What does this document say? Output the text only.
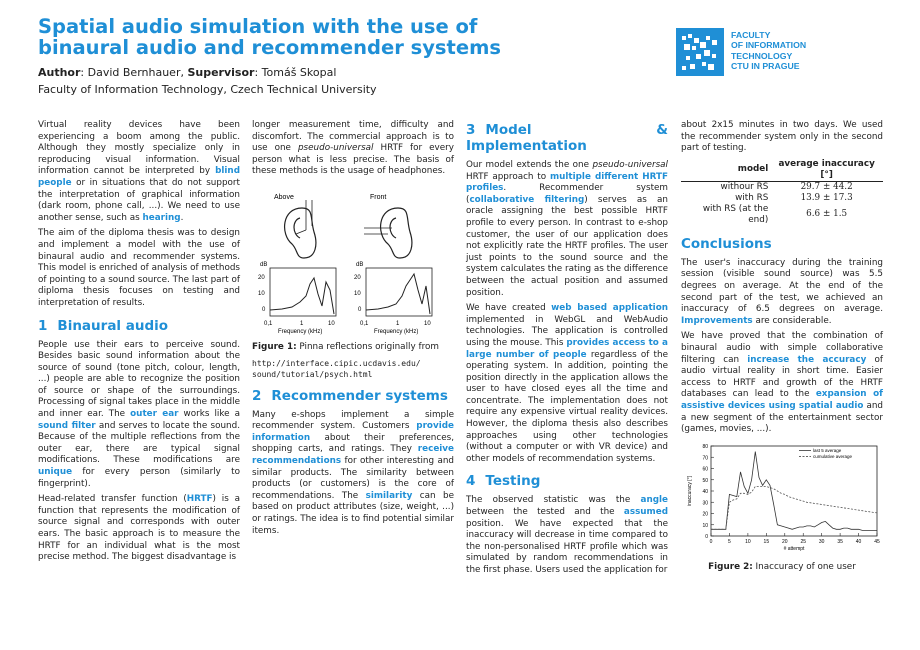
Spatial audio simulation with the use of
binaural audio and recommender systems
Author: David Bernhauer, Supervisor: Tomáš Skopal
Faculty of Information Technology, Czech Technical University
FACULTY
OF INFORMATION
TECHNOLOGY
CTU IN PRAGUE

Virtual reality devices have been experiencing a boom among the public. Although they mostly specialize only in reproducing visual information. Visual information cannot be interpreted by blind people or in situations that do not support the interpretation of graphical information (dark room, phone call, ...). We need to use another sense, such as hearing.

The aim of the diploma thesis was to design and implement a model with the use of binaural audio and recommender systems. This model is enriched of analysis of methods of pointing to a sound source. The last part of diploma thesis focuses on testing and interpretation of results.

1 Binaural audio

People use their ears to perceive sound. Besides basic sound information about the source of sound (tone pitch, colour, length, ...) people are able to recognize the position of source or shape of the surroundings. Processing of signal takes place in the middle and inner ear. The outer ear works like a sound filter and serves to locate the sound. Because of the multiple reflections from the outer ear, there are typical signal modifications. These modifications are unique for every person (similarly to fingerprint).

Head-related transfer function (HRTF) is a function that represents the modification of source signal and corresponds with outer ears. The basic approach is to measure the HRTF for an individual what is the most precise method. The biggest disadvantage is

longer measurement time, difficulty and discomfort. The commercial approach is to use one pseudo-universal HRTF for every person what is less precise. The basis of these methods is the usage of headphones.

Above	Front
dB
20
10
0
0,1	1	10
Frequency (kHz)
dB
20
10
0
0,1	1	10
Frequency (kHz)

Figure 1: Pinna reflections originally from

http://interface.cipic.ucdavis.edu/
sound/tutorial/psych.html

2 Recommender systems

Many e-shops implement a simple recommender system. Customers provide information about their preferences, shopping carts, and ratings. They receive recommendations for other interesting and similar products. The similarity between products (or customers) is the core of recommendations. The similarity can be based on product attributes (size, weight, ...) or ratings. The idea is to find potential similar items.

3 Model & Implementation

Our model extends the one pseudo-universal HRTF approach to multiple different HRTF profiles. Recommender system (collaborative filtering) serves as an oracle assigning the best possible HRTF profile to every person. In contrast to e-shop customer, the user of our application does not explicitly rate the HRTF profiles. The user just points to the sound source and the system calculates the rating as the difference between the actual position and assumed position.

We have created web based application implemented in WebGL and WebAudio technologies. The application is controlled using the mouse. This provides access to a large number of people regardless of the operating system. In addition, pointing the position directly in the application allows the user to have closed eyes all the time and concentrate. The implementation does not require any expensive virtual reality devices. However, the diploma thesis also describes approaches using other technologies (without a computer or with VR device) and other models of recommendation systems.

4 Testing

The observed statistic was the angle between the tested and the assumed position. We have expected that the inaccuracy will decrease in time compared to the non-personalised HRTF profile which was simulated by random recommendations in the first phase. Users used the application for

about 2x15 minutes in two days. We used the recommender system only in the second part of testing.

model	average inaccuracy [°]
withour RS	29.7 ± 44.2
with RS	13.9 ± 17.3
with RS (at the end)	6.6 ± 1.5
Conclusions

The user's inaccuracy during the training session (visible sound source) was 5.5 degrees on average. At the end of the second part of the test, we achieved an inaccuracy of 6.5 degrees on average. Improvements are considerable.

We have proved that the combination of binaural audio with simple collaborative filtering can increase the accuracy of audio virtual reality in short time. Easier access to HRTF and growth of the HRTF databases can lead to the expansion of assistive devices using spatial audio and a new segment of the entertainment sector (games, movies, ...).

0
10
20
30
40
50
60
70
80
0	5	10	15	20	25	30	35	40	45
# attempt
inaccuracy [°]
last 5 average
cumulative average

Figure 2: Inaccuracy of one user
